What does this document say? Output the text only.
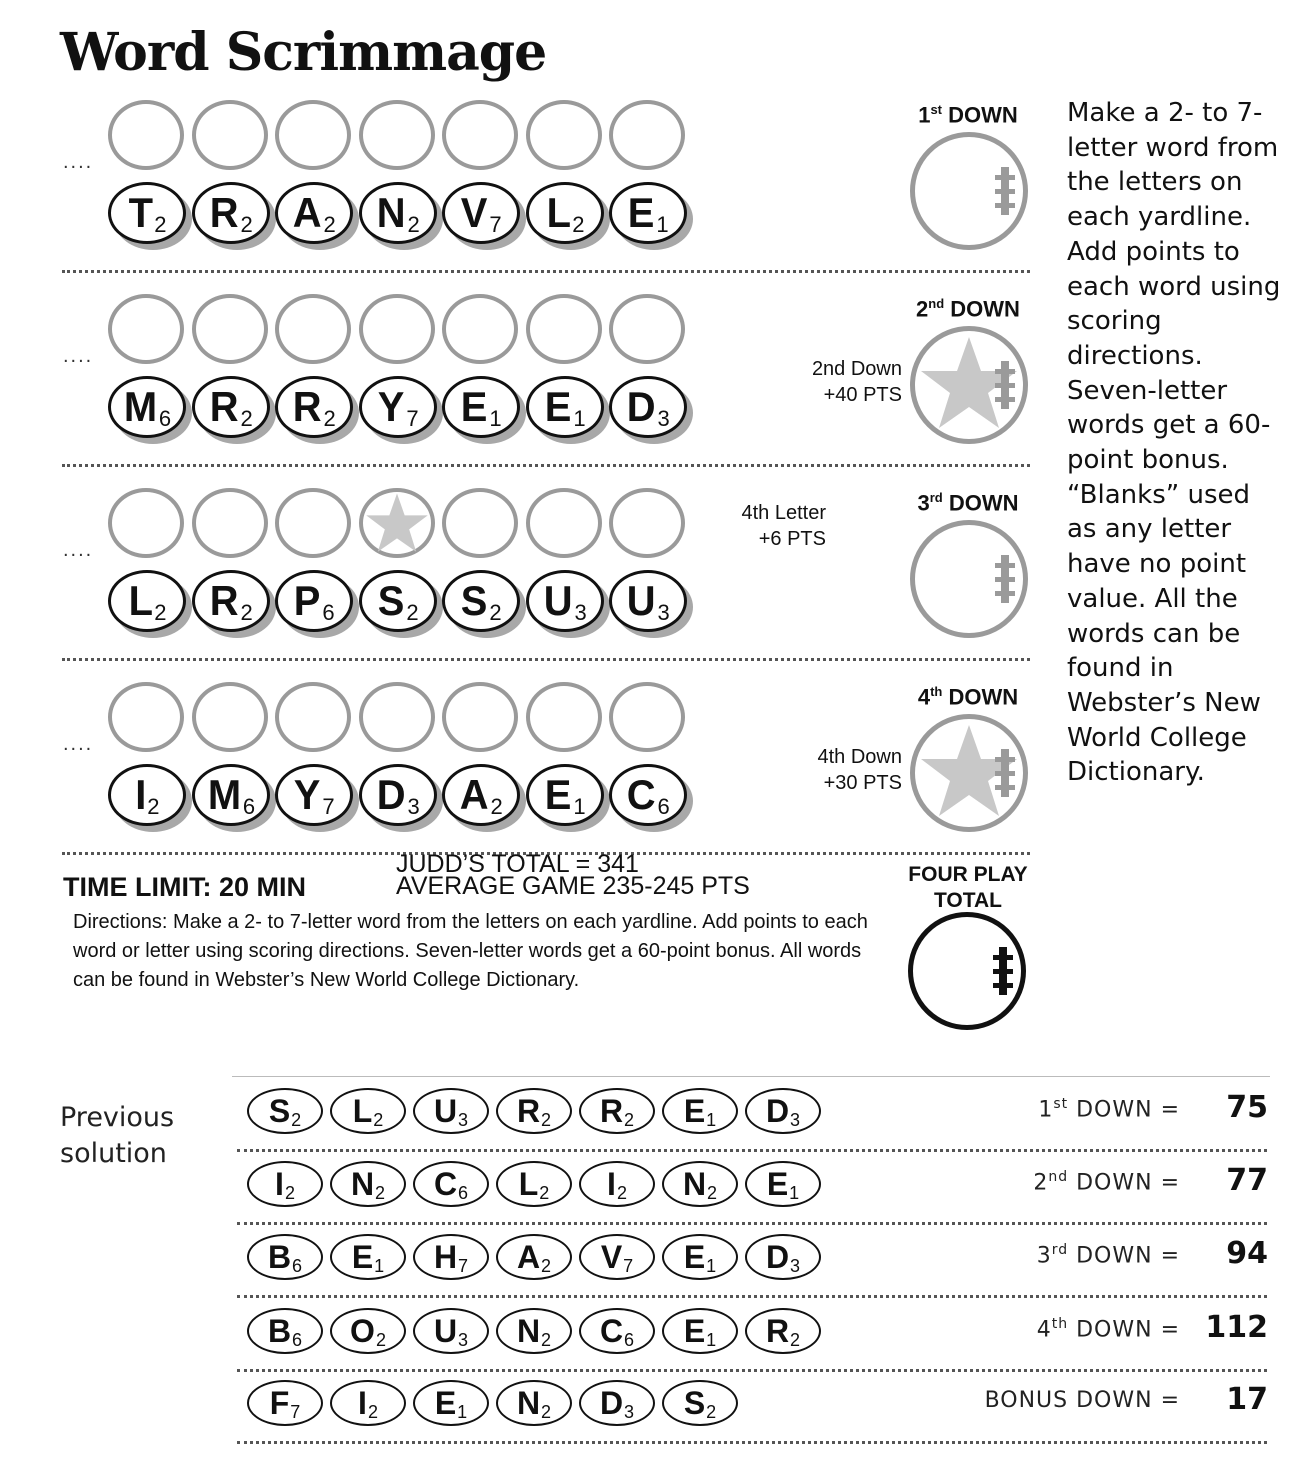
Word Scrimmage
....
T 2 R 2 A 2 N 2 V 7 L 2 E 1
1st DOWN
....
M 6 R 2 R 2 Y 7 E 1 E 1 D 3
2nd DOWN
2nd Down
+40 PTS
....
L 2 R 2 P 6 S 2 S 2 U 3 U 3
3rd DOWN
4th Letter
+6 PTS
....
I 2 M 6 Y 7 D 3 A 2 E 1 C 6
4th DOWN
4th Down
+30 PTS
Make a 2- to 7-letter word from the letters on each yardline. Add points to each word using scoring directions. Seven-letter words get a 60-point bonus. “Blanks” used as any letter have no point value. All the words can be found in Webster’s New World College Dictionary.
TIME LIMIT: 20 MIN
JUDD’S TOTAL = 341
AVERAGE GAME 235-245 PTS
Directions: Make a 2- to 7-letter word from the letters on each yardline. Add points to each word or letter using scoring directions. Seven-letter words get a 60-point bonus. All words can be found in Webster’s New World College Dictionary.
FOUR PLAY
TOTAL
Previous
solution
S 2 L 2 U 3 R 2 R 2 E 1 D 3	1st DOWN =	75
I 2 N 2 C 6 L 2 I 2 N 2 E 1	2nd DOWN =	77
B 6 E 1 H 7 A 2 V 7 E 1 D 3	3rd DOWN =	94
B 6 O 2 U 3 N 2 C 6 E 1 R 2	4th DOWN = 112
F 7 I 2 E 1 N 2 D 3 S 2	BONUS DOWN =	17
